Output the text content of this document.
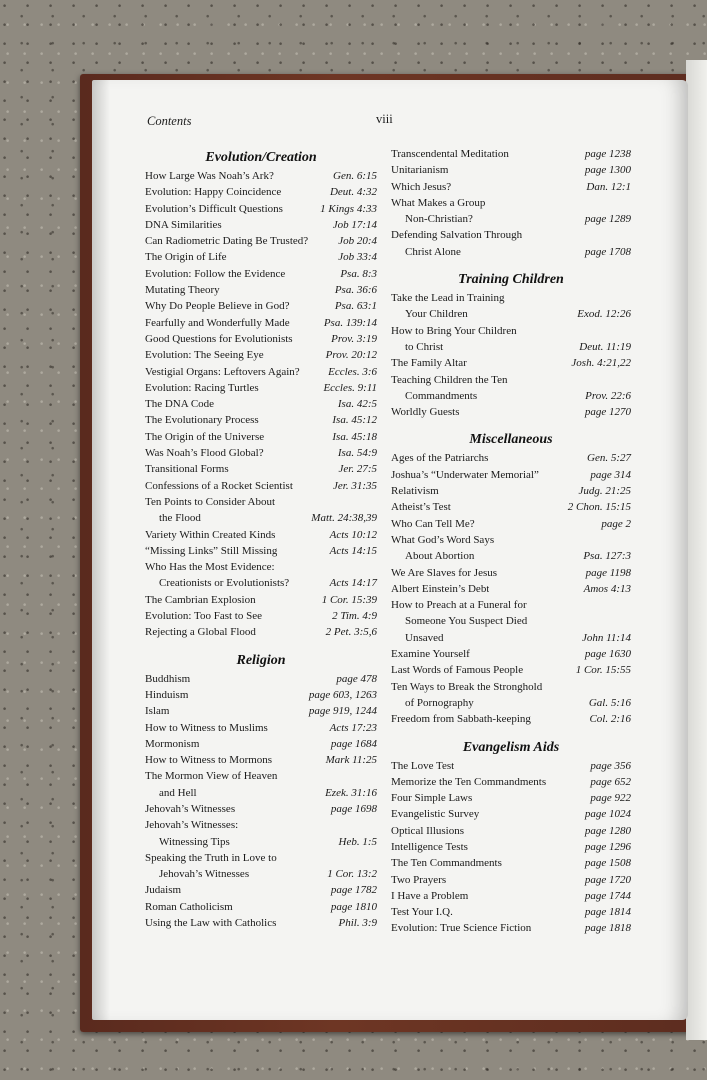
Contents	viii
Evolution/Creation
How Large Was Noah’s Ark?	Gen. 6:15
Evolution: Happy Coincidence	Deut. 4:32
Evolution’s Difficult Questions	1 Kings 4:33
DNA Similarities	Job 17:14
Can Radiometric Dating Be Trusted?	Job 20:4
The Origin of Life	Job 33:4
Evolution: Follow the Evidence	Psa. 8:3
Mutating Theory	Psa. 36:6
Why Do People Believe in God?	Psa. 63:1
Fearfully and Wonderfully Made	Psa. 139:14
Good Questions for Evolutionists	Prov. 3:19
Evolution: The Seeing Eye	Prov. 20:12
Vestigial Organs: Leftovers Again?	Eccles. 3:6
Evolution: Racing Turtles	Eccles. 9:11
The DNA Code	Isa. 42:5
The Evolutionary Process	Isa. 45:12
The Origin of the Universe	Isa. 45:18
Was Noah’s Flood Global?	Isa. 54:9
Transitional Forms	Jer. 27:5
Confessions of a Rocket Scientist	Jer. 31:35
Ten Points to Consider About
the Flood	Matt. 24:38,39
Variety Within Created Kinds	Acts 10:12
“Missing Links” Still Missing	Acts 14:15
Who Has the Most Evidence:
Creationists or Evolutionists?	Acts 14:17
The Cambrian Explosion	1 Cor. 15:39
Evolution: Too Fast to See	2 Tim. 4:9
Rejecting a Global Flood	2 Pet. 3:5,6
Religion
Buddhism	page 478
Hinduism	page 603, 1263
Islam	page 919, 1244
How to Witness to Muslims	Acts 17:23
Mormonism	page 1684
How to Witness to Mormons	Mark 11:25
The Mormon View of Heaven
and Hell	Ezek. 31:16
Jehovah’s Witnesses	page 1698
Jehovah’s Witnesses:
Witnessing Tips	Heb. 1:5
Speaking the Truth in Love to
Jehovah’s Witnesses	1 Cor. 13:2
Judaism	page 1782
Roman Catholicism	page 1810
Using the Law with Catholics	Phil. 3:9
Transcendental Meditation	page 1238
Unitarianism	page 1300
Which Jesus?	Dan. 12:1
What Makes a Group
Non-Christian?	page 1289
Defending Salvation Through
Christ Alone	page 1708
Training Children
Take the Lead in Training
Your Children	Exod. 12:26
How to Bring Your Children
to Christ	Deut. 11:19
The Family Altar	Josh. 4:21,22
Teaching Children the Ten
Commandments	Prov. 22:6
Worldly Guests	page 1270
Miscellaneous
Ages of the Patriarchs	Gen. 5:27
Joshua’s “Underwater Memorial”	page 314
Relativism	Judg. 21:25
Atheist’s Test	2 Chon. 15:15
Who Can Tell Me?	page 2
What God’s Word Says
About Abortion	Psa. 127:3
We Are Slaves for Jesus	page 1198
Albert Einstein’s Debt	Amos 4:13
How to Preach at a Funeral for
Someone You Suspect Died
Unsaved	John 11:14
Examine Yourself	page 1630
Last Words of Famous People	1 Cor. 15:55
Ten Ways to Break the Stronghold
of Pornography	Gal. 5:16
Freedom from Sabbath-keeping	Col. 2:16
Evangelism Aids
The Love Test	page 356
Memorize the Ten Commandments	page 652
Four Simple Laws	page 922
Evangelistic Survey	page 1024
Optical Illusions	page 1280
Intelligence Tests	page 1296
The Ten Commandments	page 1508
Two Prayers	page 1720
I Have a Problem	page 1744
Test Your I.Q.	page 1814
Evolution: True Science Fiction	page 1818
